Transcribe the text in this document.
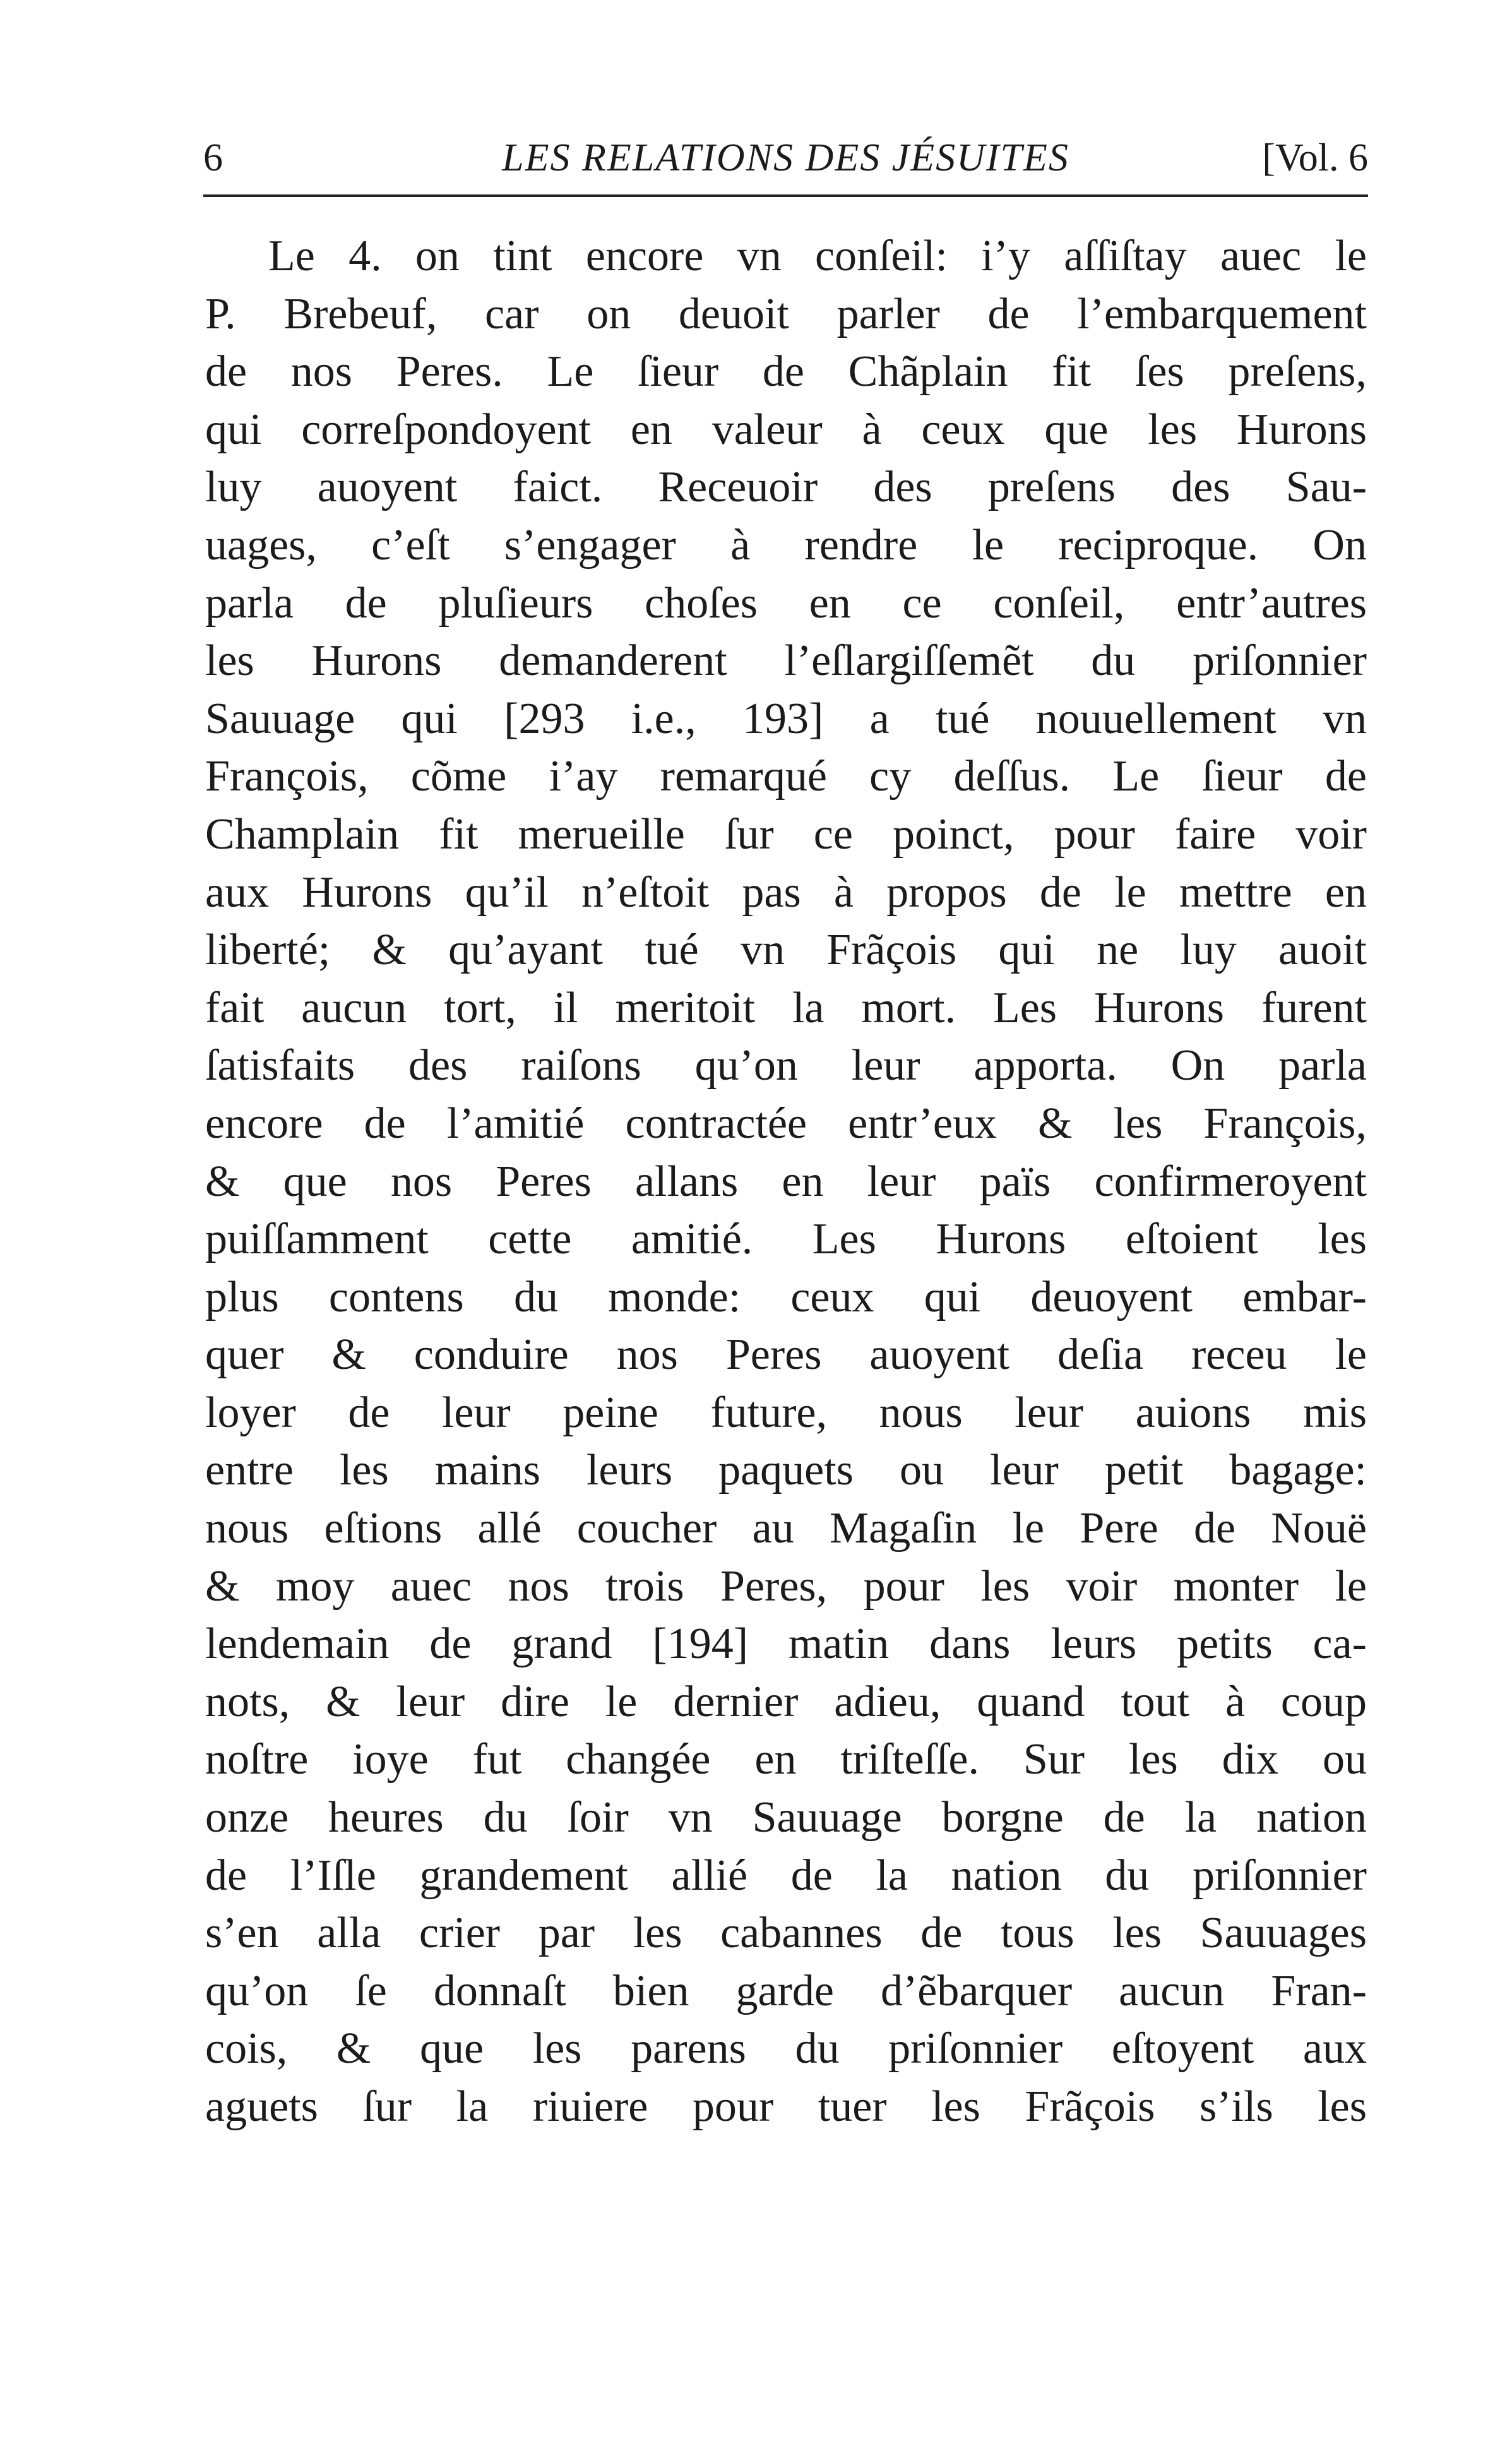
6	LES RELATIONS DES JÉSUITES	[Vol. 6
Le 4. on tint encore vn conſeil: i’y aſſiſtay auec le
P. Brebeuf, car on deuoit parler de l’embarquement
de nos Peres. Le ſieur de Chãplain fit ſes preſens,
qui correſpondoyent en valeur à ceux que les Hurons
luy auoyent faict. Receuoir des preſens des Sau-
uages, c’eſt s’engager à rendre le reciproque. On
parla de pluſieurs choſes en ce conſeil, entr’autres
les Hurons demanderent l’eſlargiſſemẽt du priſonnier
Sauuage qui [293 i.e., 193] a tué nouuellement vn
François, cõme i’ay remarqué cy deſſus. Le ſieur de
Champlain fit merueille ſur ce poinct, pour faire voir
aux Hurons qu’il n’eſtoit pas à propos de le mettre en
liberté; & qu’ayant tué vn Frãçois qui ne luy auoit
fait aucun tort, il meritoit la mort. Les Hurons furent
ſatisfaits des raiſons qu’on leur apporta. On parla
encore de l’amitié contractée entr’eux & les François,
& que nos Peres allans en leur païs confirmeroyent
puiſſamment cette amitié. Les Hurons eſtoient les
plus contens du monde: ceux qui deuoyent embar-
quer & conduire nos Peres auoyent deſia receu le
loyer de leur peine future, nous leur auions mis
entre les mains leurs paquets ou leur petit bagage:
nous eſtions allé coucher au Magaſin le Pere de Nouë
& moy auec nos trois Peres, pour les voir monter le
lendemain de grand [194] matin dans leurs petits ca-
nots, & leur dire le dernier adieu, quand tout à coup
noſtre ioye fut changée en triſteſſe. Sur les dix ou
onze heures du ſoir vn Sauuage borgne de la nation
de l’Iſle grandement allié de la nation du priſonnier
s’en alla crier par les cabannes de tous les Sauuages
qu’on ſe donnaſt bien garde d’ẽbarquer aucun Fran-
cois, & que les parens du priſonnier eſtoyent aux
aguets ſur la riuiere pour tuer les Frãçois s’ils les
